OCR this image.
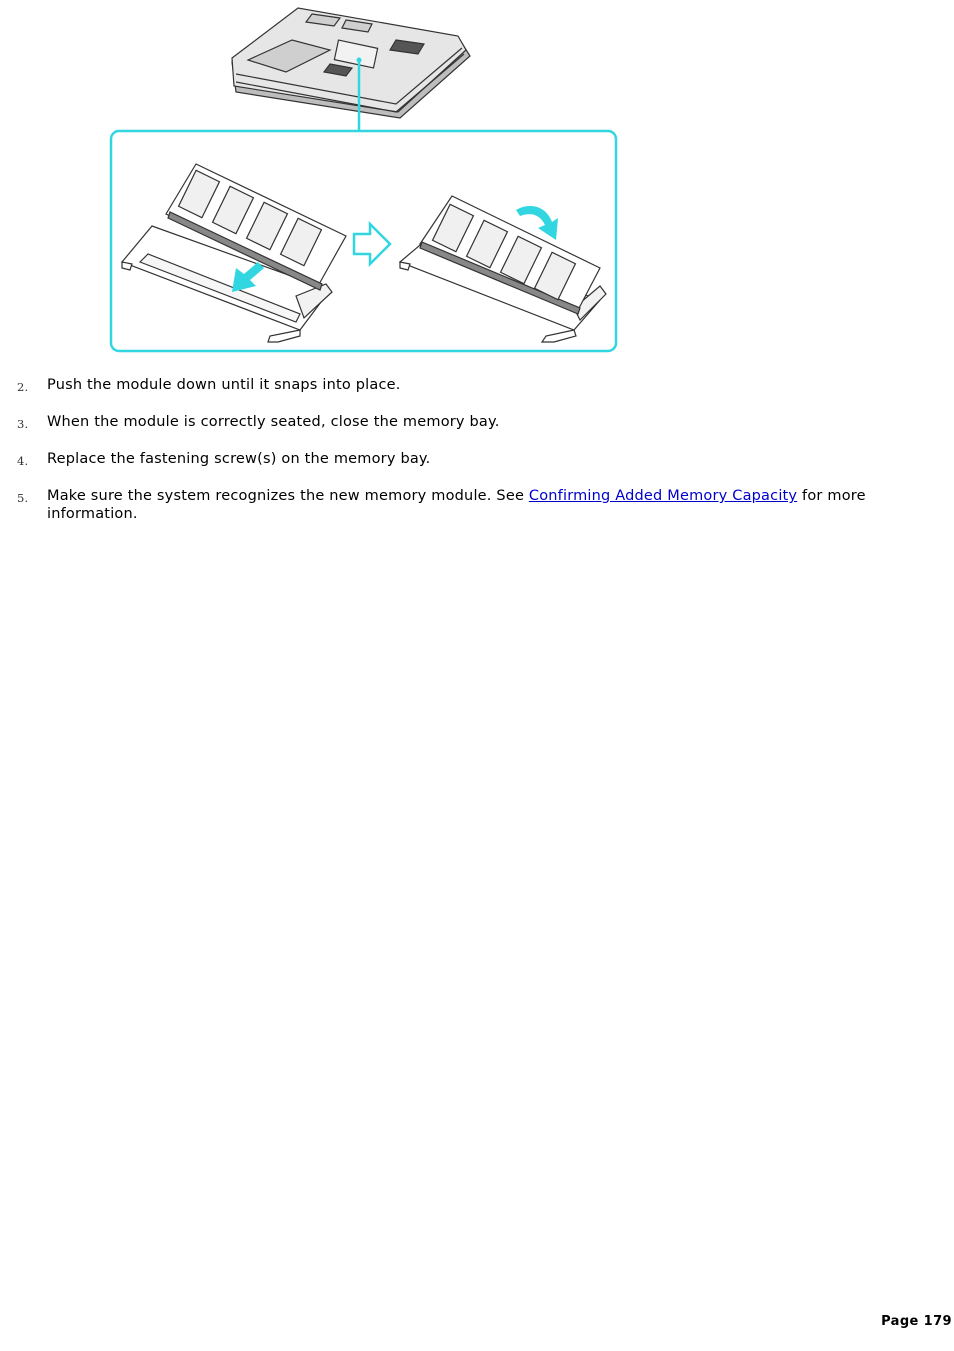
2. Push the module down until it snaps into place.
3. When the module is correctly seated, close the memory bay.
4. Replace the fastening screw(s) on the memory bay.
5. Make sure the system recognizes the new memory module. See Confirming Added Memory Capacity for more information.
Page 179
